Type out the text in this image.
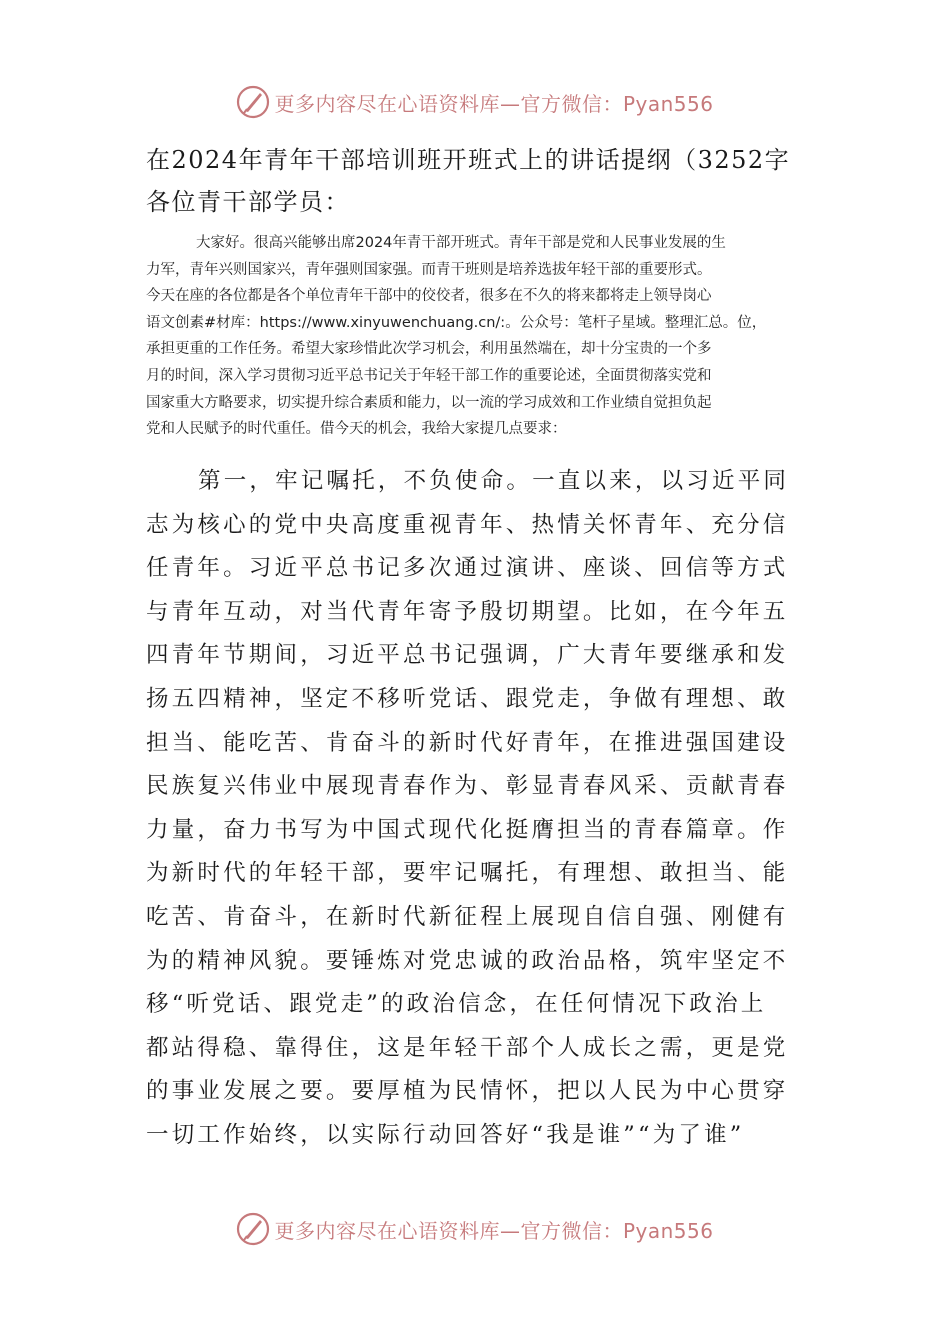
更多内容尽在心语资料库—官方微信：Pyan556
在2024年青年干部培训班开班式上的讲话提纲（3252字
各位青干部学员：
大家好。很高兴能够出席2024年青干部开班式。青年干部是党和人民事业发展的生
力军，青年兴则国家兴，青年强则国家强。而青干班则是培养选拔年轻干部的重要形式。
今天在座的各位都是各个单位青年干部中的佼佼者，很多在不久的将来都将走上领导岗心
语文创素#材库：https://www.xinyuwenchuang.cn/:。公众号：笔杆子星域。整理汇总。位，
承担更重的工作任务。希望大家珍惜此次学习机会，利用虽然端在，却十分宝贵的一个多
月的时间，深入学习贯彻习近平总书记关于年轻干部工作的重要论述，全面贯彻落实党和
国家重大方略要求，切实提升综合素质和能力，以一流的学习成效和工作业绩自觉担负起
党和人民赋予的时代重任。借今天的机会，我给大家提几点要求：
第一，牢记嘱托，不负使命。一直以来，以习近平同
志为核心的党中央高度重视青年、热情关怀青年、充分信
任青年。习近平总书记多次通过演讲、座谈、回信等方式
与青年互动，对当代青年寄予殷切期望。比如，在今年五
四青年节期间，习近平总书记强调，广大青年要继承和发
扬五四精神，坚定不移听党话、跟党走，争做有理想、敢
担当、能吃苦、肯奋斗的新时代好青年，在推进强国建设
民族复兴伟业中展现青春作为、彰显青春风采、贡献青春
力量，奋力书写为中国式现代化挺膺担当的青春篇章。作
为新时代的年轻干部，要牢记嘱托，有理想、敢担当、能
吃苦、肯奋斗，在新时代新征程上展现自信自强、刚健有
为的精神风貌。要锤炼对党忠诚的政治品格，筑牢坚定不
移“听党话、跟党走”的政治信念，在任何情况下政治上
都站得稳、靠得住，这是年轻干部个人成长之需，更是党
的事业发展之要。要厚植为民情怀，把以人民为中心贯穿
一切工作始终，以实际行动回答好“我是谁”“为了谁”
更多内容尽在心语资料库—官方微信：Pyan556
